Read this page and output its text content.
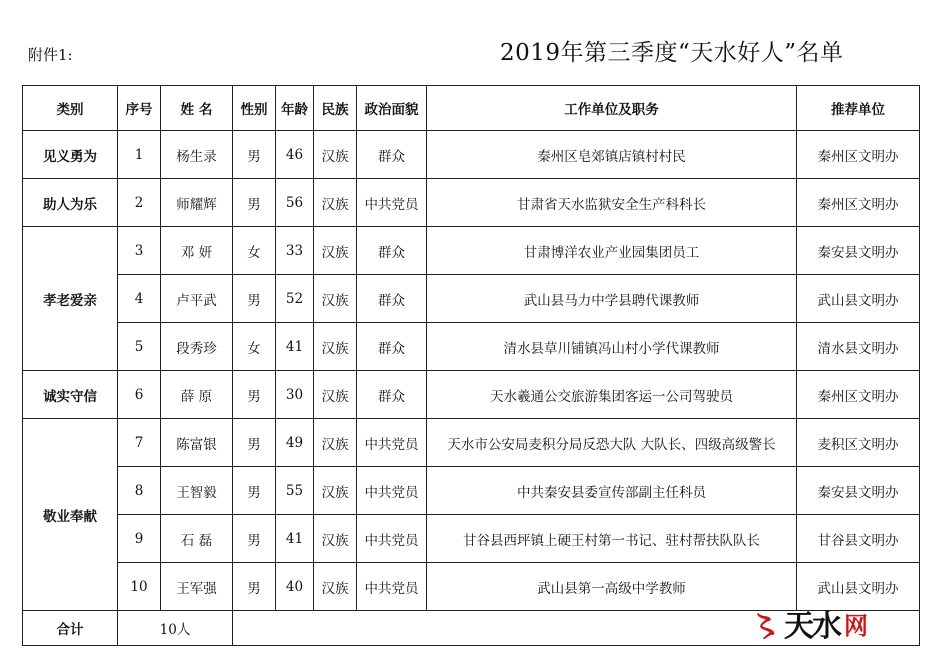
附件1:	2019年第三季度“天水好人”名单
类别	序号	姓 名	性别	年龄	民族	政治面貌	工作单位及职务	推荐单位
见义勇为	1	杨生录	男	46	汉族	群众	秦州区皂郊镇店镇村村民	秦州区文明办
助人为乐	2	师耀辉	男	56	汉族	中共党员	甘肃省天水监狱安全生产科科长	秦州区文明办
孝老爱亲	3	邓 妍	女	33	汉族	群众	甘肃博洋农业产业园集团员工	秦安县文明办
	4	卢平武	男	52	汉族	群众	武山县马力中学县聘代课教师	武山县文明办
	5	段秀珍	女	41	汉族	群众	清水县草川铺镇冯山村小学代课教师	清水县文明办
诚实守信	6	薛 原	男	30	汉族	群众	天水羲通公交旅游集团客运一公司驾驶员	秦州区文明办
敬业奉献	7	陈富银	男	49	汉族	中共党员	天水市公安局麦积分局反恐大队 大队长、四级高级警长	麦积区文明办
	8	王智毅	男	55	汉族	中共党员	中共秦安县委宣传部副主任科员	秦安县文明办
	9	石 磊	男	41	汉族	中共党员	甘谷县西坪镇上硬王村第一书记、驻村帮扶队队长	甘谷县文明办
	10	王军强	男	40	汉族	中共党员	武山县第一高级中学教师	武山县文明办
合计	10人								〻 天水 网
